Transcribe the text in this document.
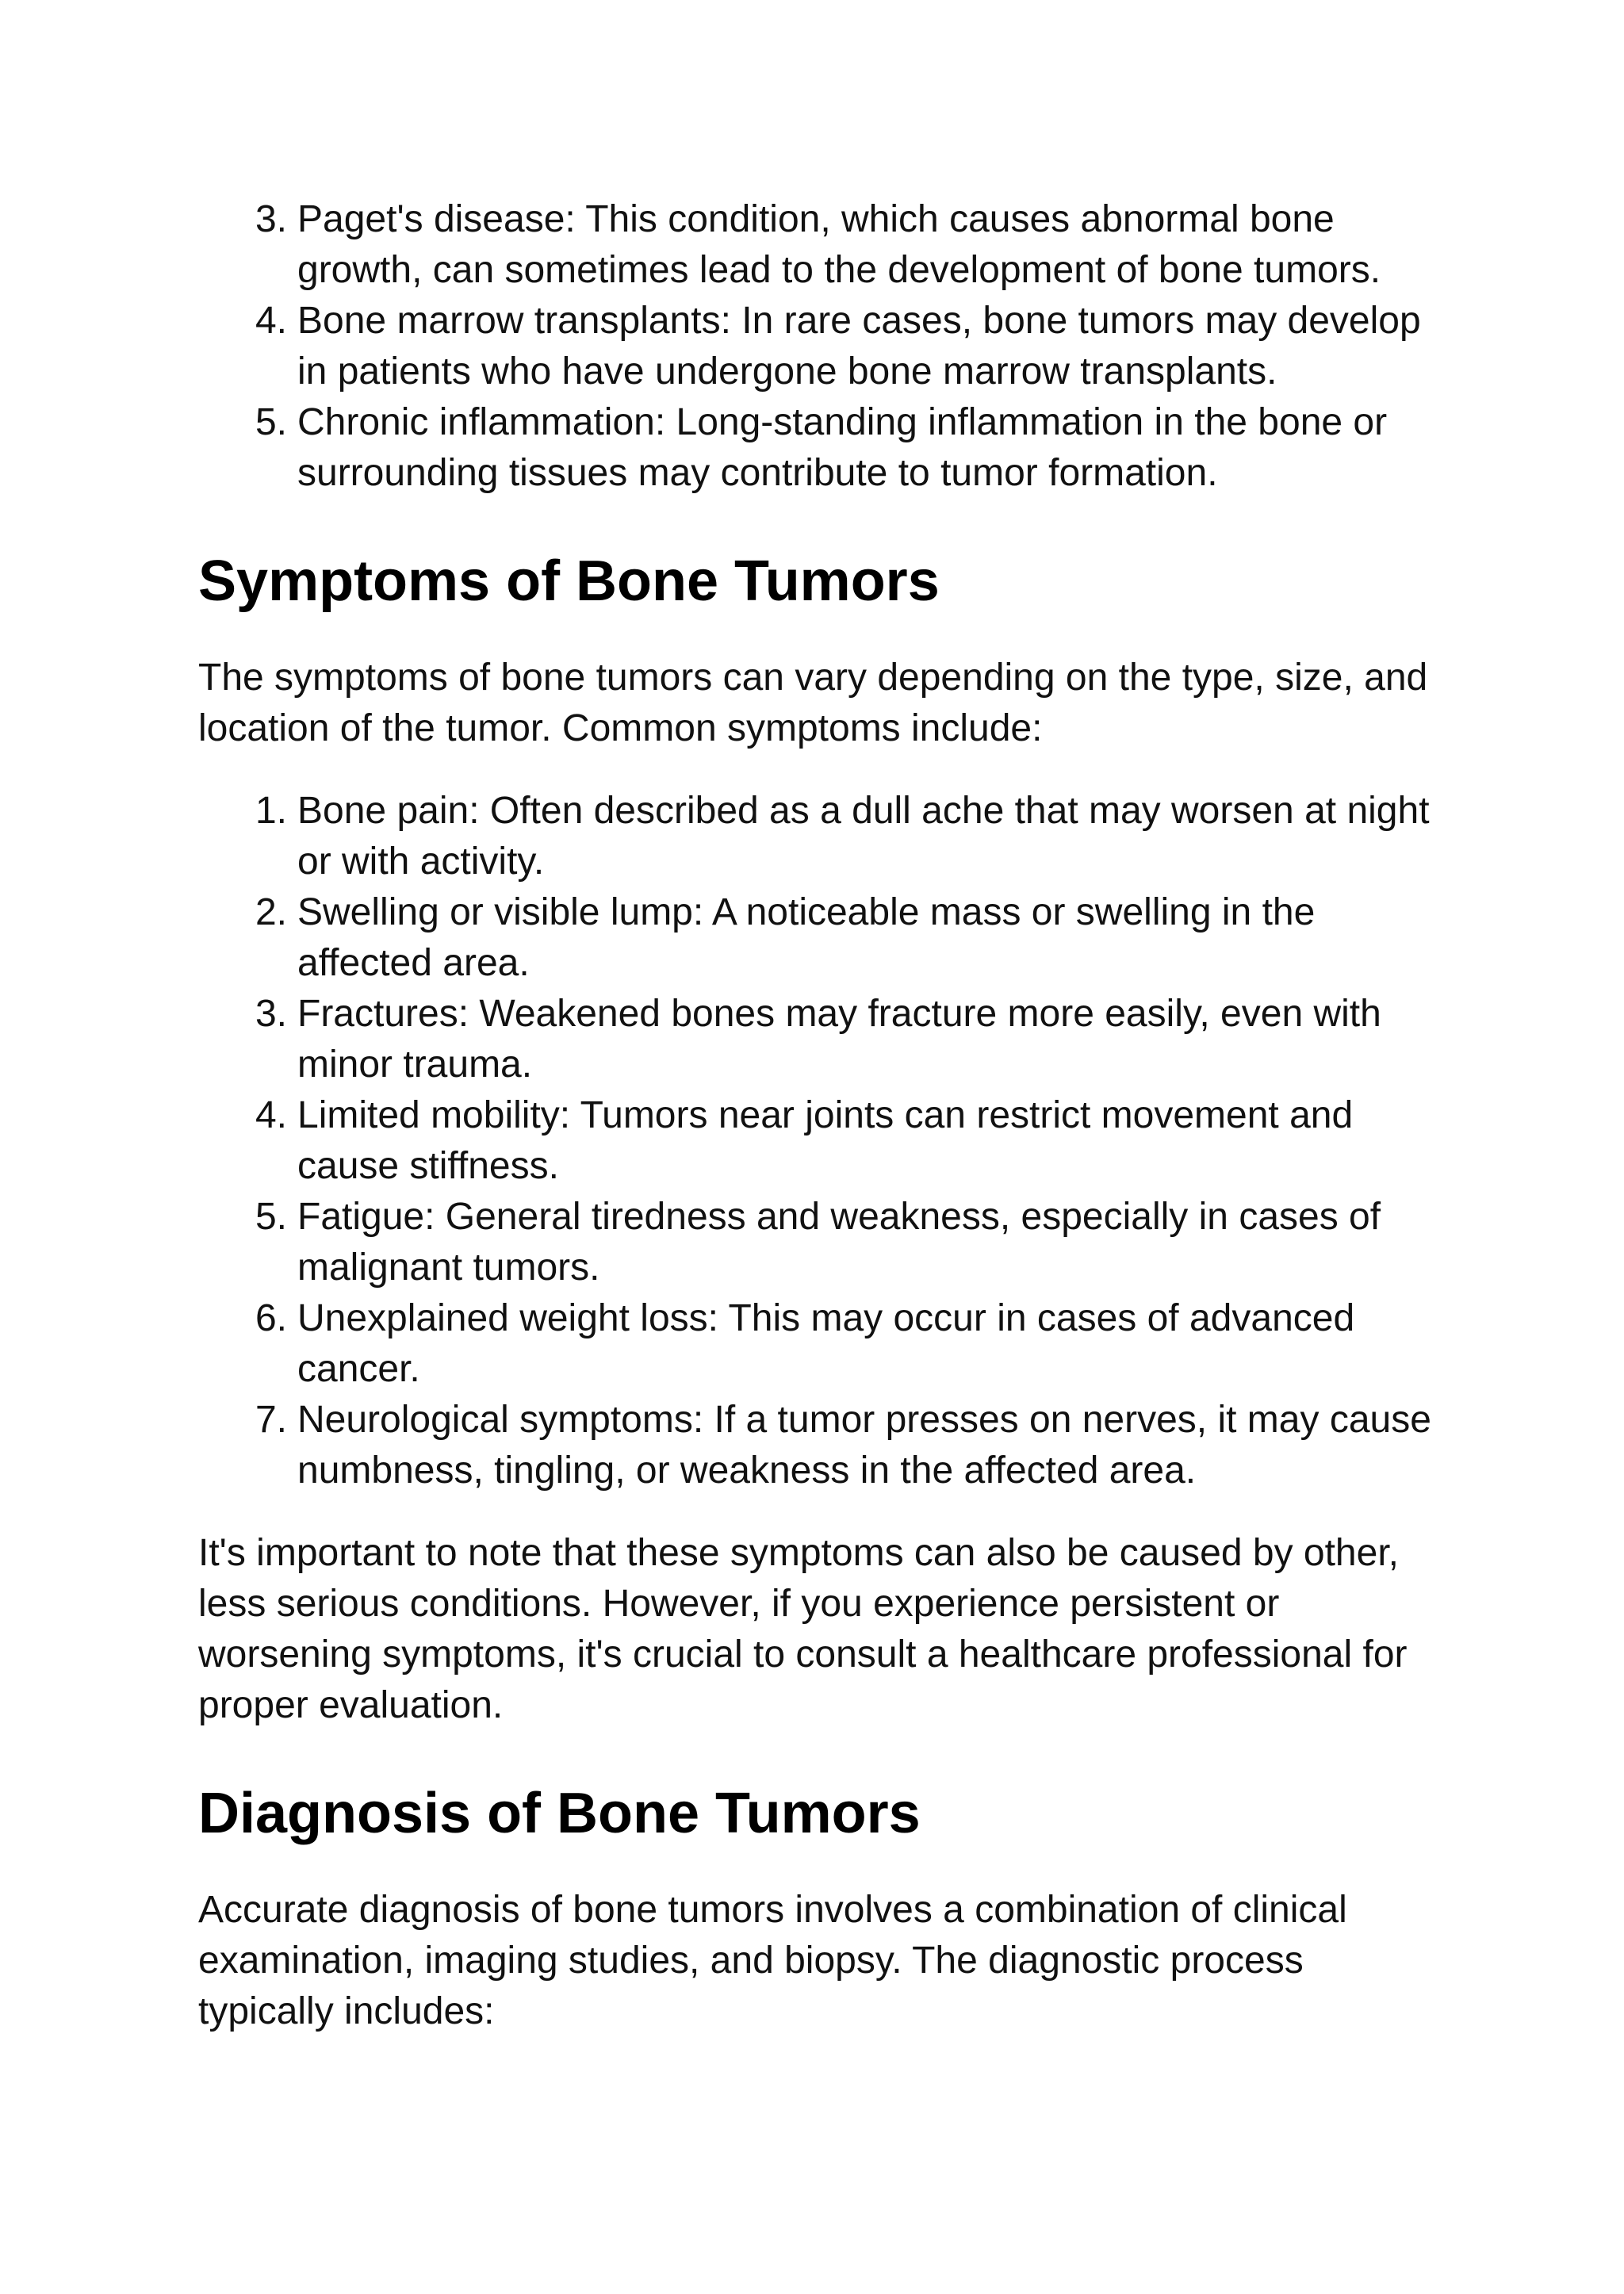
3. Paget's disease: This condition, which causes abnormal bone growth, can sometimes lead to the development of bone tumors.
4. Bone marrow transplants: In rare cases, bone tumors may develop in patients who have undergone bone marrow transplants.
5. Chronic inflammation: Long-standing inflammation in the bone or surrounding tissues may contribute to tumor formation.
Symptoms of Bone Tumors

The symptoms of bone tumors can vary depending on the type, size, and location of the tumor. Common symptoms include:

1. Bone pain: Often described as a dull ache that may worsen at night or with activity.
2. Swelling or visible lump: A noticeable mass or swelling in the affected area.
3. Fractures: Weakened bones may fracture more easily, even with minor trauma.
4. Limited mobility: Tumors near joints can restrict movement and cause stiffness.
5. Fatigue: General tiredness and weakness, especially in cases of malignant tumors.
6. Unexplained weight loss: This may occur in cases of advanced cancer.
7. Neurological symptoms: If a tumor presses on nerves, it may cause numbness, tingling, or weakness in the affected area.

It's important to note that these symptoms can also be caused by other, less serious conditions. However, if you experience persistent or worsening symptoms, it's crucial to consult a healthcare professional for proper evaluation.

Diagnosis of Bone Tumors

Accurate diagnosis of bone tumors involves a combination of clinical examination, imaging studies, and biopsy. The diagnostic process typically includes:
